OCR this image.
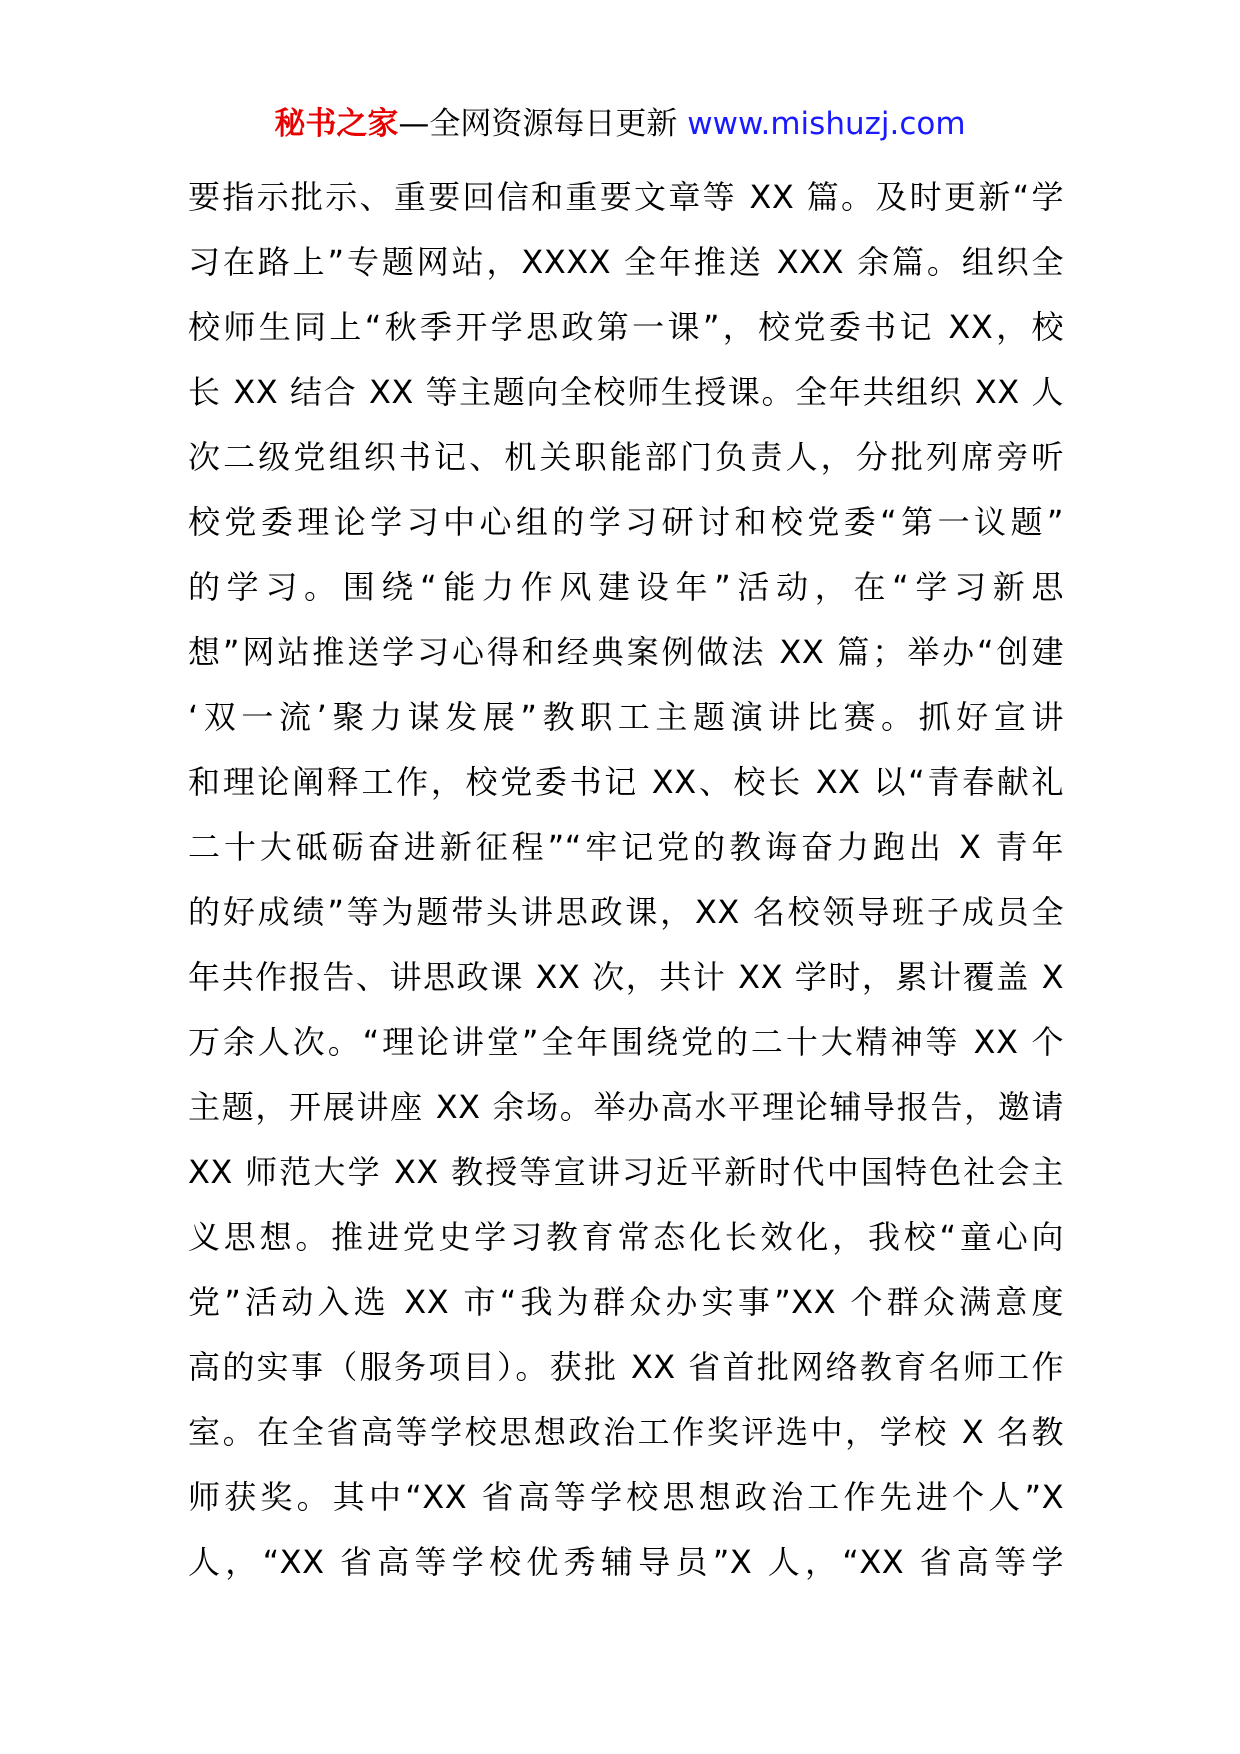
秘书之家—全网资源每日更新 www.mishuzj.com
要指示批示、重要回信和重要文章等 XX 篇。及时更新“学
习在路上”专题网站，XXXX 全年推送 XXX 余篇。组织全
校师生同上“秋季开学思政第一课”，校党委书记 XX，校
长 XX 结合 XX 等主题向全校师生授课。全年共组织 XX 人
次二级党组织书记、机关职能部门负责人，分批列席旁听
校党委理论学习中心组的学习研讨和校党委“第一议题”
的学习。围绕“能力作风建设年”活动，在“学习新思
想”网站推送学习心得和经典案例做法 XX 篇；举办“创建
‘双一流’聚力谋发展”教职工主题演讲比赛。抓好宣讲
和理论阐释工作，校党委书记 XX、校长 XX 以“青春献礼
二十大砥砺奋进新征程”“牢记党的教诲奋力跑出 X 青年
的好成绩”等为题带头讲思政课，XX 名校领导班子成员全
年共作报告、讲思政课 XX 次，共计 XX 学时，累计覆盖 X
万余人次。“理论讲堂”全年围绕党的二十大精神等 XX 个
主题，开展讲座 XX 余场。举办高水平理论辅导报告，邀请
XX 师范大学 XX 教授等宣讲习近平新时代中国特色社会主
义思想。推进党史学习教育常态化长效化，我校“童心向
党”活动入选 XX 市“我为群众办实事”XX 个群众满意度
高的实事（服务项目）。获批 XX 省首批网络教育名师工作
室。在全省高等学校思想政治工作奖评选中，学校 X 名教
师获奖。其中“XX 省高等学校思想政治工作先进个人”X
人，“XX 省高等学校优秀辅导员”X 人，“XX 省高等学
